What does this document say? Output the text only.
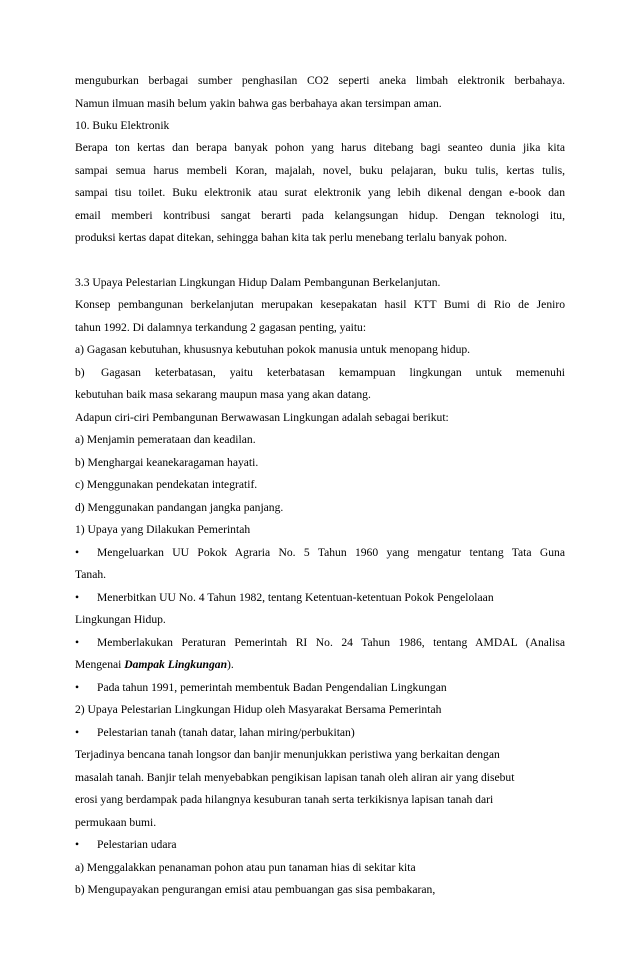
menguburkan berbagai sumber penghasilan CO2 seperti aneka limbah elektronik berbahaya.
Namun ilmuan masih belum yakin bahwa gas berbahaya akan tersimpan aman.
10. Buku Elektronik
Berapa ton kertas dan berapa banyak pohon yang harus ditebang bagi seanteo dunia jika kita
sampai semua harus membeli Koran, majalah, novel, buku pelajaran, buku tulis, kertas tulis,
sampai tisu toilet. Buku elektronik atau surat elektronik yang lebih dikenal dengan e-book dan
email memberi kontribusi sangat berarti pada kelangsungan hidup. Dengan teknologi itu,
produksi kertas dapat ditekan, sehingga bahan kita tak perlu menebang terlalu banyak pohon.
3.3 Upaya Pelestarian Lingkungan Hidup Dalam Pembangunan Berkelanjutan.
Konsep pembangunan berkelanjutan merupakan kesepakatan hasil KTT Bumi di Rio de Jeniro
tahun 1992. Di dalamnya terkandung 2 gagasan penting, yaitu:
a) Gagasan kebutuhan, khususnya kebutuhan pokok manusia untuk menopang hidup.
b) Gagasan keterbatasan, yaitu keterbatasan kemampuan lingkungan untuk memenuhi
kebutuhan baik masa sekarang maupun masa yang akan datang.
Adapun ciri-ciri Pembangunan Berwawasan Lingkungan adalah sebagai berikut:
a) Menjamin pemerataan dan keadilan.
b) Menghargai keanekaragaman hayati.
c) Menggunakan pendekatan integratif.
d) Menggunakan pandangan jangka panjang.
1) Upaya yang Dilakukan Pemerintah
•	Mengeluarkan UU Pokok Agraria No. 5 Tahun 1960 yang mengatur tentang Tata Guna
Tanah.
•	Menerbitkan UU No. 4 Tahun 1982, tentang Ketentuan-ketentuan Pokok Pengelolaan
Lingkungan Hidup.
•	Memberlakukan Peraturan Pemerintah RI No. 24 Tahun 1986, tentang AMDAL (Analisa
Mengenai Dampak Lingkungan).
•	Pada tahun 1991, pemerintah membentuk Badan Pengendalian Lingkungan
2) Upaya Pelestarian Lingkungan Hidup oleh Masyarakat Bersama Pemerintah
•	Pelestarian tanah (tanah datar, lahan miring/perbukitan)
Terjadinya bencana tanah longsor dan banjir menunjukkan peristiwa yang berkaitan dengan
masalah tanah. Banjir telah menyebabkan pengikisan lapisan tanah oleh aliran air yang disebut
erosi yang berdampak pada hilangnya kesuburan tanah serta terkikisnya lapisan tanah dari
permukaan bumi.
•	Pelestarian udara
a) Menggalakkan penanaman pohon atau pun tanaman hias di sekitar kita
b) Mengupayakan pengurangan emisi atau pembuangan gas sisa pembakaran,
